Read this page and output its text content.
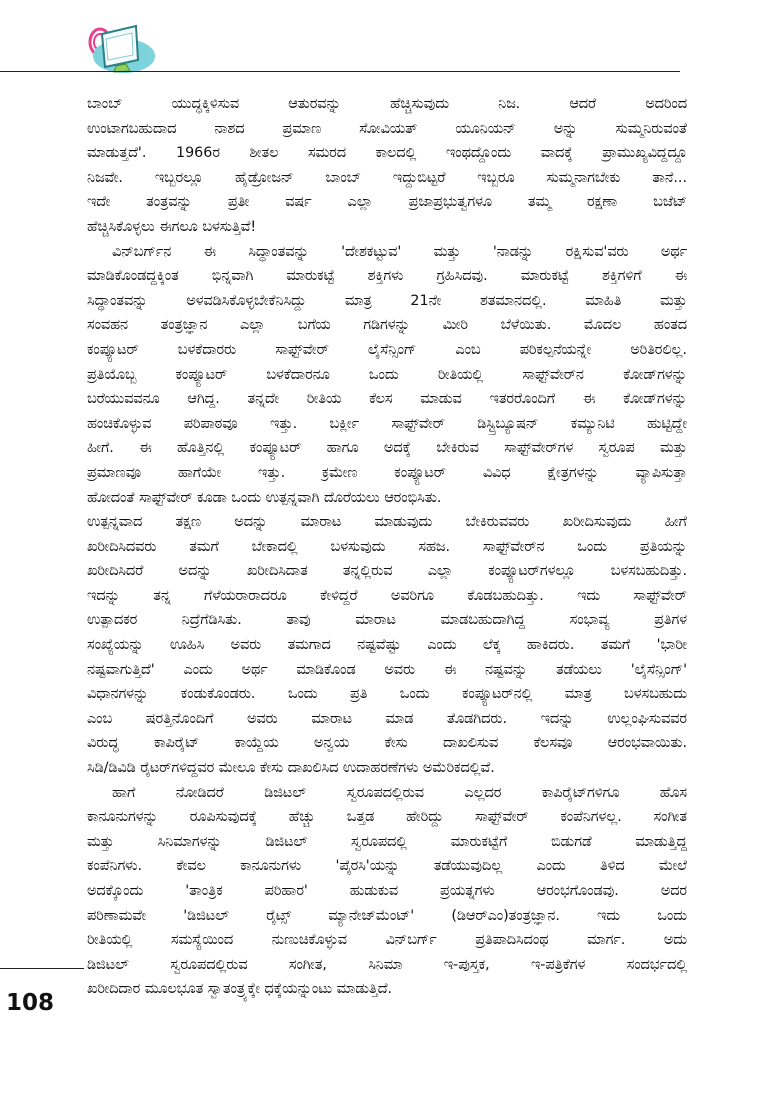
ಬಾಂಬ್ ಯುದ್ಧಕ್ಕಿಳಿಸುವ ಆತುರವನ್ನು ಹೆಚ್ಚಿಸುವುದು ನಿಜ. ಆದರೆ ಅದರಿಂದ
ಉಂಟಾಗಬಹುದಾದ ನಾಶದ ಪ್ರಮಾಣ ಸೋವಿಯತ್ ಯೂನಿಯನ್ ಅನ್ನು ಸುಮ್ಮನಿರುವಂತೆ
ಮಾಡುತ್ತದೆ'. 1966ರ ಶೀತಲ ಸಮರದ ಕಾಲದಲ್ಲಿ ಇಂಥದ್ದೊಂದು ವಾದಕ್ಕೆ ಪ್ರಾಮುಖ್ಯವಿದ್ದದ್ದೂ
ನಿಜವೇ. ಇಬ್ಬರಲ್ಲೂ ಹೈಡ್ರೋಜನ್ ಬಾಂಬ್ ಇದ್ದುಬಿಟ್ಟರೆ ಇಬ್ಬರೂ ಸುಮ್ಮನಾಗಬೇಕು ತಾನೆ...
ಇದೇ ತಂತ್ರವನ್ನು ಪ್ರತೀ ವರ್ಷ ಎಲ್ಲಾ ಪ್ರಜಾಪ್ರಭುತ್ವಗಳೂ ತಮ್ಮ ರಕ್ಷಣಾ ಬಜೆಟ್
ಹೆಚ್ಚಿಸಿಕೊಳ್ಳಲು ಈಗಲೂ ಬಳಸುತ್ತಿವೆ!
ವಿನ್‌ಬರ್ಗ್‌ನ ಈ ಸಿದ್ಧಾಂತವನ್ನು 'ದೇಶಕಟ್ಟುವ' ಮತ್ತು 'ನಾಡನ್ನು ರಕ್ಷಿಸುವ'ವರು ಅರ್ಥ
ಮಾಡಿಕೊಂಡದ್ದಕ್ಕಿಂತ ಭಿನ್ನವಾಗಿ ಮಾರುಕಟ್ಟೆ ಶಕ್ತಿಗಳು ಗ್ರಹಿಸಿದವು. ಮಾರುಕಟ್ಟೆ ಶಕ್ತಿಗಳಿಗೆ ಈ
ಸಿದ್ಧಾಂತವನ್ನು ಅಳವಡಿಸಿಕೊಳ್ಳಬೇಕೆನಿಸಿದ್ದು ಮಾತ್ರ 21ನೇ ಶತಮಾನದಲ್ಲಿ. ಮಾಹಿತಿ ಮತ್ತು
ಸಂವಹನ ತಂತ್ರಜ್ಞಾನ ಎಲ್ಲಾ ಬಗೆಯ ಗಡಿಗಳನ್ನು ಮೀರಿ ಬೆಳೆಯಿತು. ಮೊದಲ ಹಂತದ
ಕಂಪ್ಯೂಟರ್ ಬಳಕೆದಾರರು ಸಾಫ್ಟ್‌ವೇರ್ ಲೈಸೆನ್ಸಿಂಗ್ ಎಂಬ ಪರಿಕಲ್ಪನೆಯನ್ನೇ ಅರಿತಿರಲಿಲ್ಲ.
ಪ್ರತಿಯೊಬ್ಬ ಕಂಪ್ಯೂಟರ್ ಬಳಕೆದಾರನೂ ಒಂದು ರೀತಿಯಲ್ಲಿ ಸಾಫ್ಟ್‌ವೇರ್‌ನ ಕೋಡ್‌ಗಳನ್ನು
ಬರೆಯುವವನೂ ಆಗಿದ್ದ. ತನ್ನದೇ ರೀತಿಯ ಕೆಲಸ ಮಾಡುವ ಇತರರೊಂದಿಗೆ ಈ ಕೋಡ್‌ಗಳನ್ನು
ಹಂಚಿಕೊಳ್ಳುವ ಪರಿಪಾಠವೂ ಇತ್ತು. ಬರ್ಕ್ಲೀ ಸಾಫ್ಟ್‌ವೇರ್ ಡಿಸ್ಟ್ರಿಬ್ಯೂಷನ್ ಕಮ್ಯುನಿಟಿ ಹುಟ್ಟಿದ್ದೇ
ಹೀಗೆ. ಈ ಹೊತ್ತಿನಲ್ಲಿ ಕಂಪ್ಯೂಟರ್ ಹಾಗೂ ಅದಕ್ಕೆ ಬೇಕಿರುವ ಸಾಫ್ಟ್‌ವೇರ್‌ಗಳ ಸ್ವರೂಪ ಮತ್ತು
ಪ್ರಮಾಣವೂ ಹಾಗೆಯೇ ಇತ್ತು. ಕ್ರಮೇಣ ಕಂಪ್ಯೂಟರ್ ವಿವಿಧ ಕ್ಷೇತ್ರಗಳನ್ನು ವ್ಯಾಪಿಸುತ್ತಾ
ಹೋದಂತೆ ಸಾಫ್ಟ್‌ವೇರ್ ಕೂಡಾ ಒಂದು ಉತ್ಪನ್ನವಾಗಿ ದೊರೆಯಲು ಆರಂಭಿಸಿತು.
ಉತ್ಪನ್ನವಾದ ತಕ್ಷಣ ಅದನ್ನು ಮಾರಾಟ ಮಾಡುವುದು ಬೇಕಿರುವವರು ಖರೀದಿಸುವುದು ಹೀಗೆ
ಖರೀದಿಸಿದವರು ತಮಗೆ ಬೇಕಾದಲ್ಲಿ ಬಳಸುವುದು ಸಹಜ. ಸಾಫ್ಟ್‌ವೇರ್‌ನ ಒಂದು ಪ್ರತಿಯನ್ನು
ಖರೀದಿಸಿದರೆ ಅದನ್ನು ಖರೀದಿಸಿದಾತ ತನ್ನಲ್ಲಿರುವ ಎಲ್ಲಾ ಕಂಪ್ಯೂಟರ್‌ಗಳಲ್ಲೂ ಬಳಸಬಹುದಿತ್ತು.
ಇದನ್ನು ತನ್ನ ಗೆಳೆಯರಾರಾದರೂ ಕೇಳಿದ್ದರೆ ಅವರಿಗೂ ಕೊಡಬಹುದಿತ್ತು. ಇದು ಸಾಫ್ಟ್‌ವೇರ್
ಉತ್ಪಾದಕರ ನಿದ್ರೆಗೆಡಿಸಿತು. ತಾವು ಮಾರಾಟ ಮಾಡಬಹುದಾಗಿದ್ದ ಸಂಭಾವ್ಯ ಪ್ರತಿಗಳ
ಸಂಖ್ಯೆಯನ್ನು ಊಹಿಸಿ ಅವರು ತಮಗಾದ ನಷ್ಟವೆಷ್ಟು ಎಂದು ಲೆಕ್ಕ ಹಾಕಿದರು. ತಮಗೆ 'ಭಾರೀ
ನಷ್ಟವಾಗುತ್ತಿದೆ' ಎಂದು ಅರ್ಥ ಮಾಡಿಕೊಂಡ ಅವರು ಈ ನಷ್ಟವನ್ನು ತಡೆಯಲು 'ಲೈಸೆನ್ಸಿಂಗ್'
ವಿಧಾನಗಳನ್ನು ಕಂಡುಕೊಂಡರು. ಒಂದು ಪ್ರತಿ ಒಂದು ಕಂಪ್ಯೂಟರ್‌ನಲ್ಲಿ ಮಾತ್ರ ಬಳಸಬಹುದು
ಎಂಬ ಷರತ್ತಿನೊಂದಿಗೆ ಅವರು ಮಾರಾಟ ಮಾಡ ತೊಡಗಿದರು. ಇದನ್ನು ಉಲ್ಲಂಘಿಸುವವರ
ವಿರುದ್ಧ ಕಾಪಿರೈಟ್ ಕಾಯ್ದೆಯ ಅನ್ವಯ ಕೇಸು ದಾಖಲಿಸುವ ಕೆಲಸವೂ ಆರಂಭವಾಯಿತು.
ಸಿಡಿ/ಡಿವಿಡಿ ರೈಟರ್‌ಗಳಿದ್ದವರ ಮೇಲೂ ಕೇಸು ದಾಖಲಿಸಿದ ಉದಾಹರಣೆಗಳು ಅಮೆರಿಕದಲ್ಲಿವೆ.
ಹಾಗೆ ನೋಡಿದರೆ ಡಿಜಿಟಲ್ ಸ್ವರೂಪದಲ್ಲಿರುವ ಎಲ್ಲದರ ಕಾಪಿರೈಟ್‌ಗಳಿಗೂ ಹೊಸ
ಕಾನೂನುಗಳನ್ನು ರೂಪಿಸುವುದಕ್ಕೆ ಹೆಚ್ಚು ಒತ್ತಡ ಹೇರಿದ್ದು ಸಾಫ್ಟ್‌ವೇರ್ ಕಂಪೆನಿಗಳಲ್ಲ. ಸಂಗೀತ
ಮತ್ತು ಸಿನಿಮಾಗಳನ್ನು ಡಿಜಿಟಲ್ ಸ್ವರೂಪದಲ್ಲಿ ಮಾರುಕಟ್ಟೆಗೆ ಬಿಡುಗಡೆ ಮಾಡುತ್ತಿದ್ದ
ಕಂಪೆನಿಗಳು. ಕೇವಲ ಕಾನೂನುಗಳು 'ಪೈರಸಿ'ಯನ್ನು ತಡೆಯುವುದಿಲ್ಲ ಎಂದು ತಿಳಿದ ಮೇಲೆ
ಅದಕ್ಕೊಂದು 'ತಾಂತ್ರಿಕ ಪರಿಹಾರ' ಹುಡುಕುವ ಪ್ರಯತ್ನಗಳು ಆರಂಭಗೊಂಡವು. ಅದರ
ಪರಿಣಾಮವೇ 'ಡಿಜಿಟಲ್ ರೈಟ್ಸ್ ಮ್ಯಾನೇಜ್‌ಮೆಂಟ್' (ಡಿಆರ್‌ಎಂ)ತಂತ್ರಜ್ಞಾನ. ಇದು ಒಂದು
ರೀತಿಯಲ್ಲಿ ಸಮಸ್ಯೆಯಿಂದ ನುಣುಚಿಕೊಳ್ಳುವ ವಿನ್‌ಬರ್ಗ್ ಪ್ರತಿಪಾದಿಸಿದಂಥ ಮಾರ್ಗ. ಅದು
ಡಿಜಿಟಲ್ ಸ್ವರೂಪದಲ್ಲಿರುವ ಸಂಗೀತ, ಸಿನಿಮಾ ಇ-ಪುಸ್ತಕ, ಇ-ಪತ್ರಿಕೆಗಳ ಸಂದರ್ಭದಲ್ಲಿ
ಖರೀದಿದಾರ ಮೂಲಭೂತ ಸ್ವಾತಂತ್ರ್ಯಕ್ಕೇ ಧಕ್ಕೆಯನ್ನುಂಟು ಮಾಡುತ್ತಿದೆ.
108
